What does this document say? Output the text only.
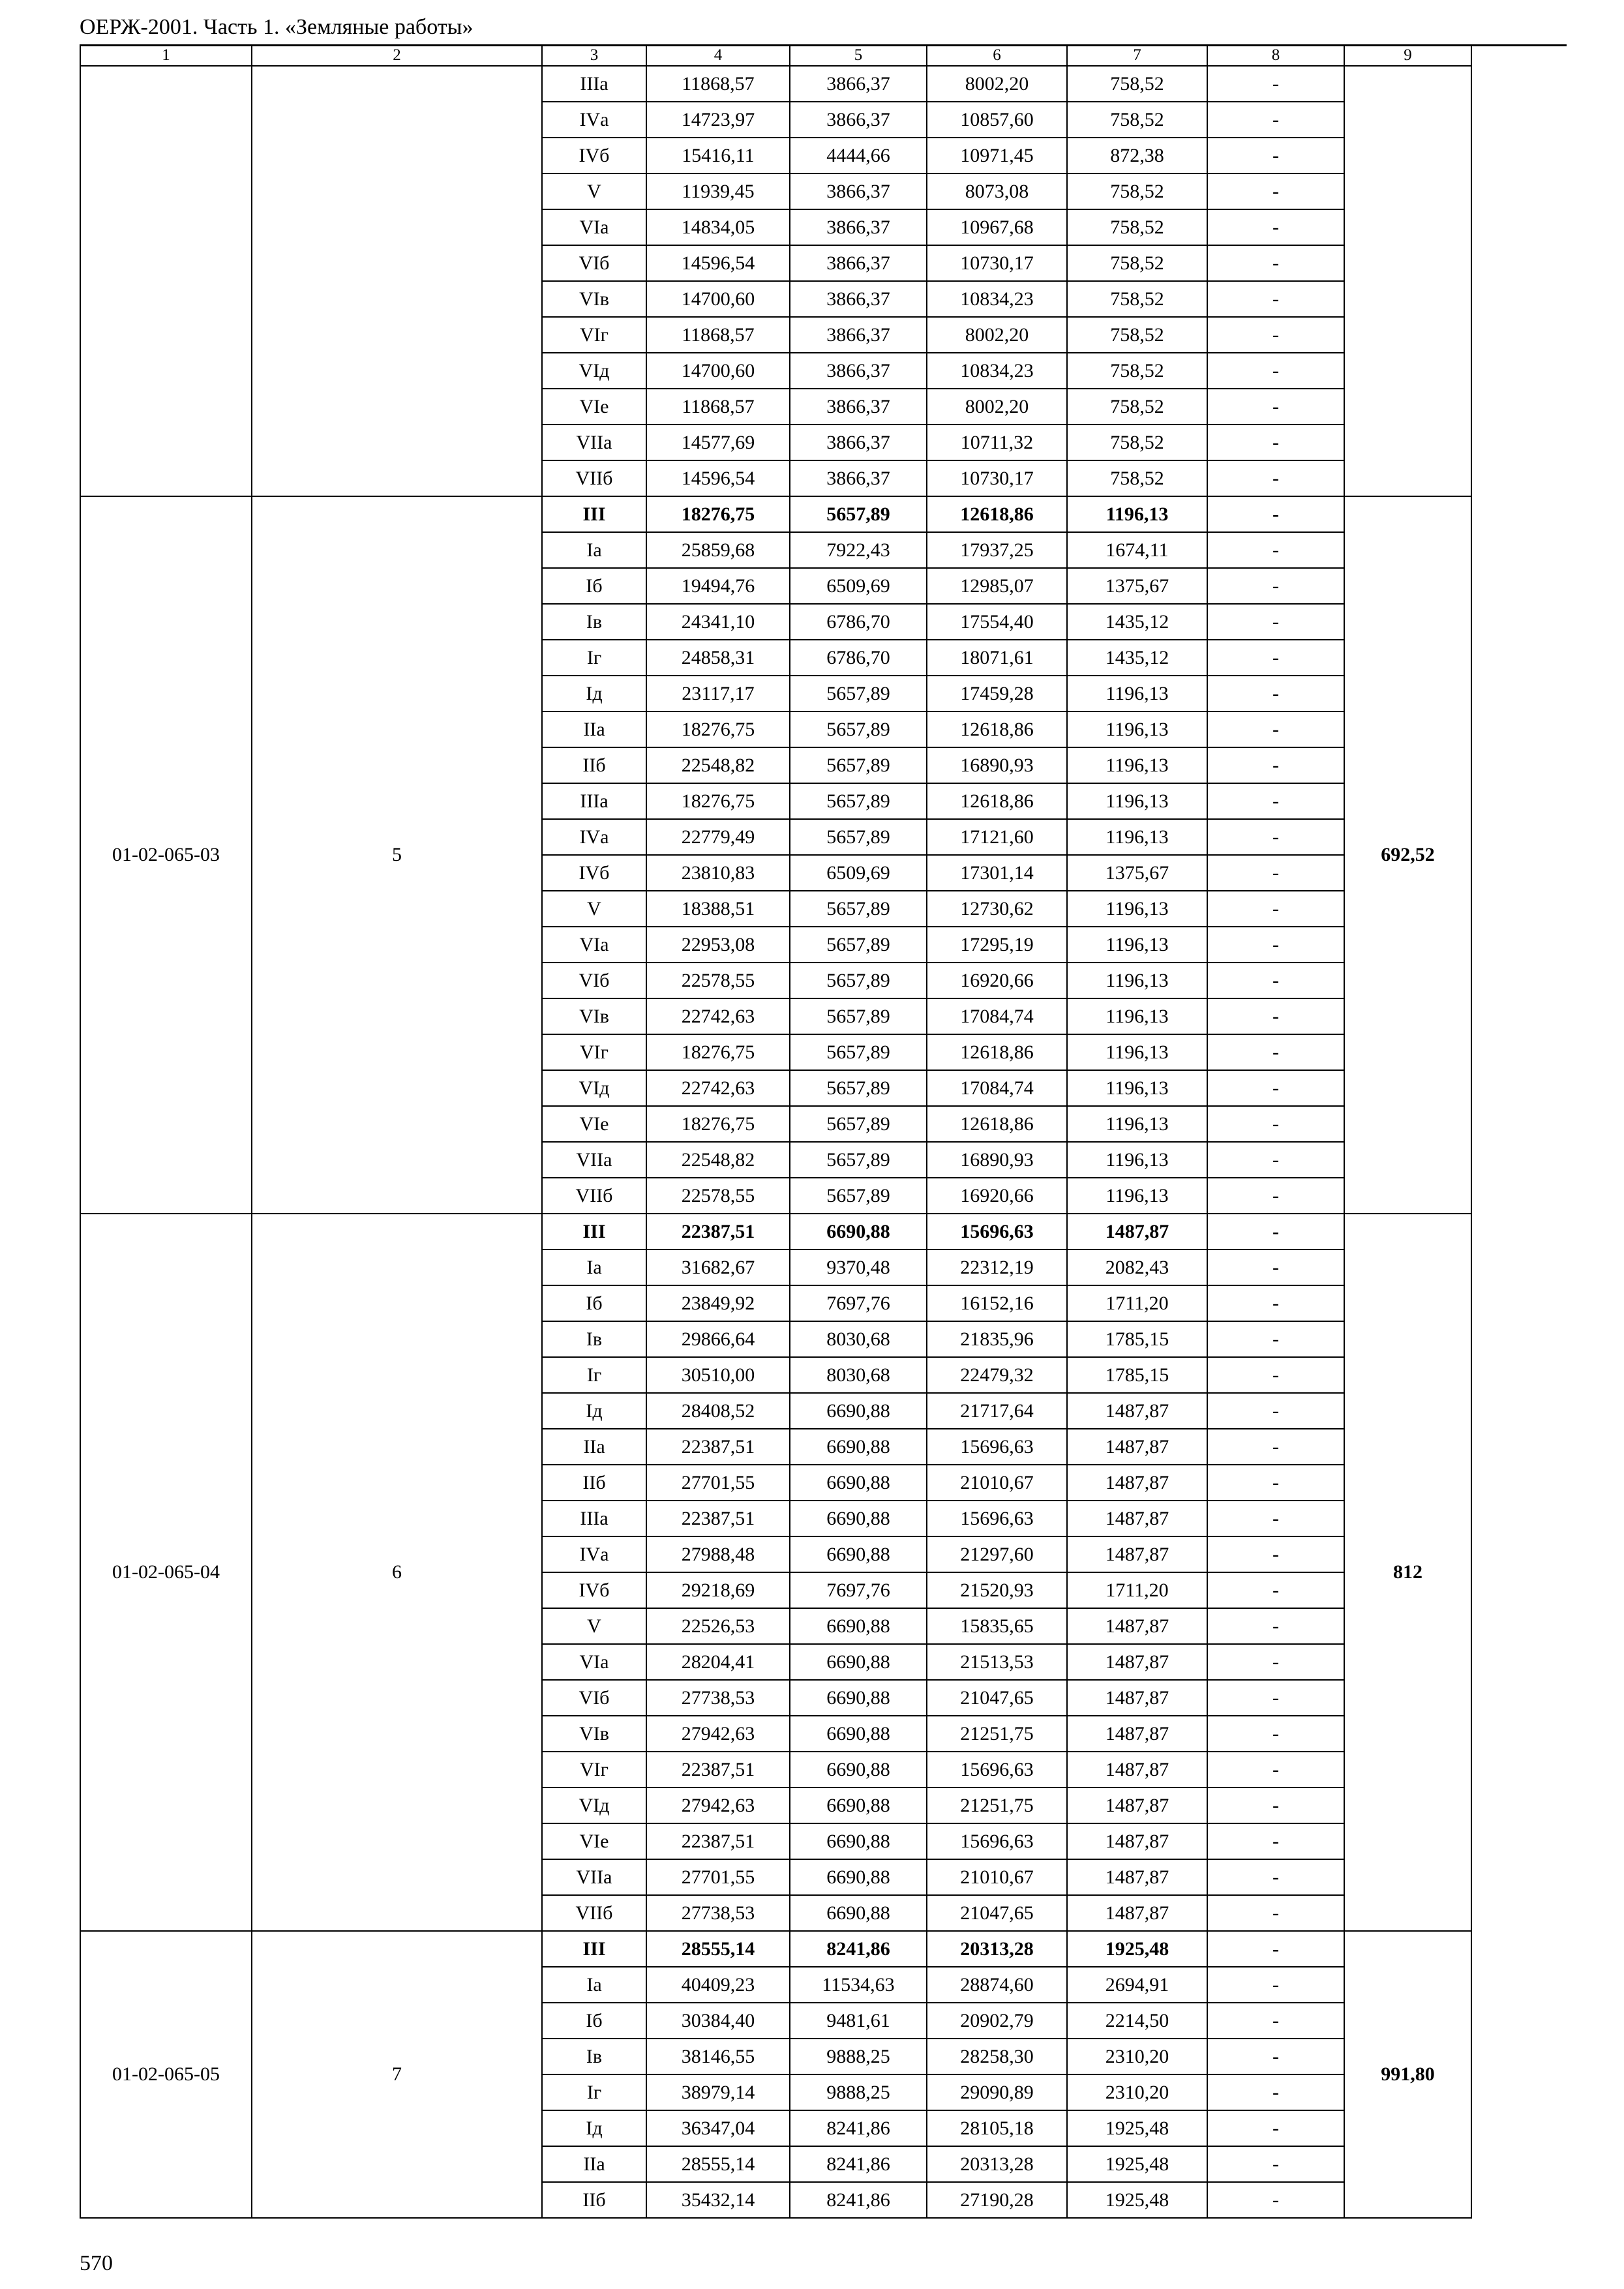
ОЕРЖ-2001. Часть 1. «Земляные работы»
1	2	3	4	5	6	7	8	9
		IIIа	11868,57	3866,37	8002,20	758,52	-	
		IVа	14723,97	3866,37	10857,60	758,52	-	
		IVб	15416,11	4444,66	10971,45	872,38	-	
		V	11939,45	3866,37	8073,08	758,52	-	
		VIа	14834,05	3866,37	10967,68	758,52	-	
		VIб	14596,54	3866,37	10730,17	758,52	-	
		VIв	14700,60	3866,37	10834,23	758,52	-	
		VIг	11868,57	3866,37	8002,20	758,52	-	
		VIд	14700,60	3866,37	10834,23	758,52	-	
		VIе	11868,57	3866,37	8002,20	758,52	-	
		VIIа	14577,69	3866,37	10711,32	758,52	-	
		VIIб	14596,54	3866,37	10730,17	758,52	-	
01-02-065-03	5	III	18276,75	5657,89	12618,86	1196,13	-	692,52
		Iа	25859,68	7922,43	17937,25	1674,11	-	
		Iб	19494,76	6509,69	12985,07	1375,67	-	
		Iв	24341,10	6786,70	17554,40	1435,12	-	
		Iг	24858,31	6786,70	18071,61	1435,12	-	
		Iд	23117,17	5657,89	17459,28	1196,13	-	
		IIа	18276,75	5657,89	12618,86	1196,13	-	
		IIб	22548,82	5657,89	16890,93	1196,13	-	
		IIIа	18276,75	5657,89	12618,86	1196,13	-	
		IVа	22779,49	5657,89	17121,60	1196,13	-	
		IVб	23810,83	6509,69	17301,14	1375,67	-	
		V	18388,51	5657,89	12730,62	1196,13	-	
		VIа	22953,08	5657,89	17295,19	1196,13	-	
		VIб	22578,55	5657,89	16920,66	1196,13	-	
		VIв	22742,63	5657,89	17084,74	1196,13	-	
		VIг	18276,75	5657,89	12618,86	1196,13	-	
		VIд	22742,63	5657,89	17084,74	1196,13	-	
		VIе	18276,75	5657,89	12618,86	1196,13	-	
		VIIа	22548,82	5657,89	16890,93	1196,13	-	
		VIIб	22578,55	5657,89	16920,66	1196,13	-	
01-02-065-04	6	III	22387,51	6690,88	15696,63	1487,87	-	812
		Iа	31682,67	9370,48	22312,19	2082,43	-	
		Iб	23849,92	7697,76	16152,16	1711,20	-	
		Iв	29866,64	8030,68	21835,96	1785,15	-	
		Iг	30510,00	8030,68	22479,32	1785,15	-	
		Iд	28408,52	6690,88	21717,64	1487,87	-	
		IIа	22387,51	6690,88	15696,63	1487,87	-	
		IIб	27701,55	6690,88	21010,67	1487,87	-	
		IIIа	22387,51	6690,88	15696,63	1487,87	-	
		IVа	27988,48	6690,88	21297,60	1487,87	-	
		IVб	29218,69	7697,76	21520,93	1711,20	-	
		V	22526,53	6690,88	15835,65	1487,87	-	
		VIа	28204,41	6690,88	21513,53	1487,87	-	
		VIб	27738,53	6690,88	21047,65	1487,87	-	
		VIв	27942,63	6690,88	21251,75	1487,87	-	
		VIг	22387,51	6690,88	15696,63	1487,87	-	
		VIд	27942,63	6690,88	21251,75	1487,87	-	
		VIе	22387,51	6690,88	15696,63	1487,87	-	
		VIIа	27701,55	6690,88	21010,67	1487,87	-	
		VIIб	27738,53	6690,88	21047,65	1487,87	-	
01-02-065-05	7	III	28555,14	8241,86	20313,28	1925,48	-	991,80
		Iа	40409,23	11534,63	28874,60	2694,91	-	
		Iб	30384,40	9481,61	20902,79	2214,50	-	
		Iв	38146,55	9888,25	28258,30	2310,20	-	
		Iг	38979,14	9888,25	29090,89	2310,20	-	
		Iд	36347,04	8241,86	28105,18	1925,48	-	
		IIа	28555,14	8241,86	20313,28	1925,48	-	
		IIб	35432,14	8241,86	27190,28	1925,48	-	
570
